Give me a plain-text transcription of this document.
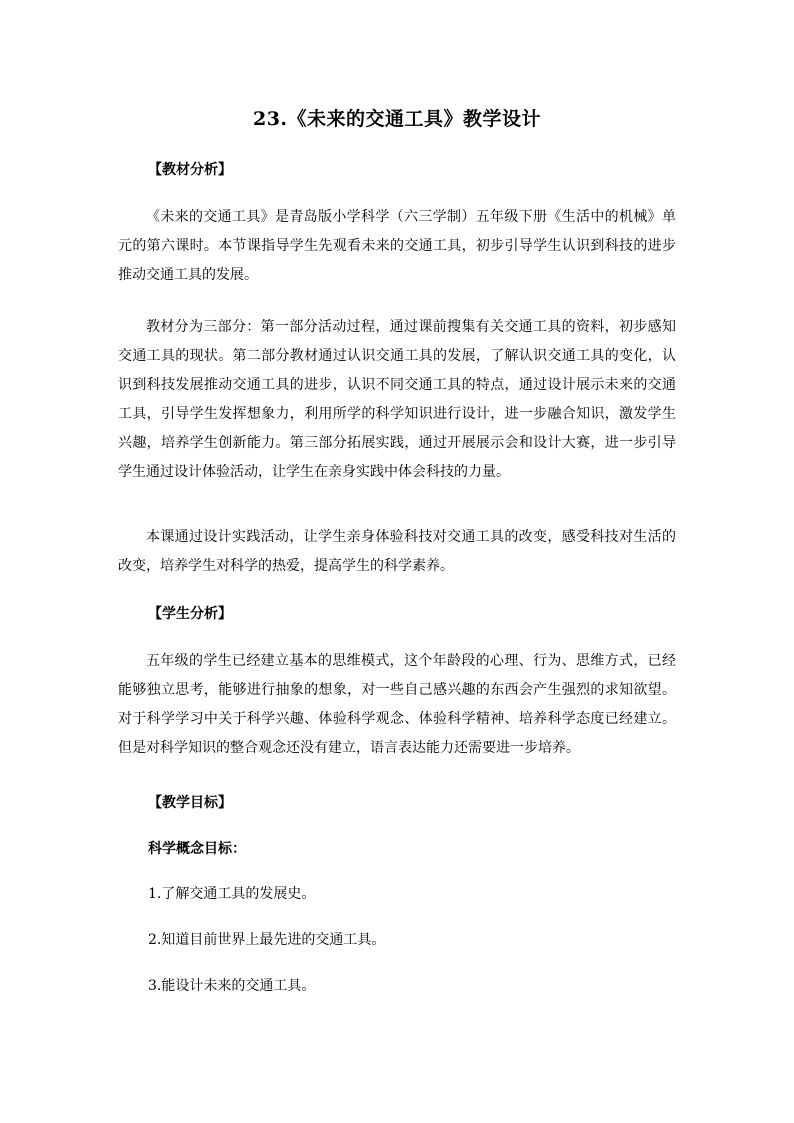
23.《未来的交通工具》教学设计
【教材分析】

《未来的交通工具》是青岛版小学科学（六三学制）五年级下册《生活中的机械》单元的第六课时。本节课指导学生先观看未来的交通工具，初步引导学生认识到科技的进步推动交通工具的发展。

教材分为三部分：第一部分活动过程，通过课前搜集有关交通工具的资料，初步感知交通工具的现状。第二部分教材通过认识交通工具的发展，了解认识交通工具的变化，认识到科技发展推动交通工具的进步，认识不同交通工具的特点，通过设计展示未来的交通工具，引导学生发挥想象力，利用所学的科学知识进行设计，进一步融合知识，激发学生兴趣，培养学生创新能力。第三部分拓展实践，通过开展展示会和设计大赛，进一步引导学生通过设计体验活动，让学生在亲身实践中体会科技的力量。

本课通过设计实践活动，让学生亲身体验科技对交通工具的改变，感受科技对生活的改变，培养学生对科学的热爱，提高学生的科学素养。

【学生分析】

五年级的学生已经建立基本的思维模式，这个年龄段的心理、行为、思维方式，已经能够独立思考，能够进行抽象的想象，对一些自己感兴趣的东西会产生强烈的求知欲望。对于科学学习中关于科学兴趣、体验科学观念、体验科学精神、培养科学态度已经建立。但是对科学知识的整合观念还没有建立，语言表达能力还需要进一步培养。

【教学目标】
科学概念目标：
1.了解交通工具的发展史。
2.知道目前世界上最先进的交通工具。
3.能设计未来的交通工具。
